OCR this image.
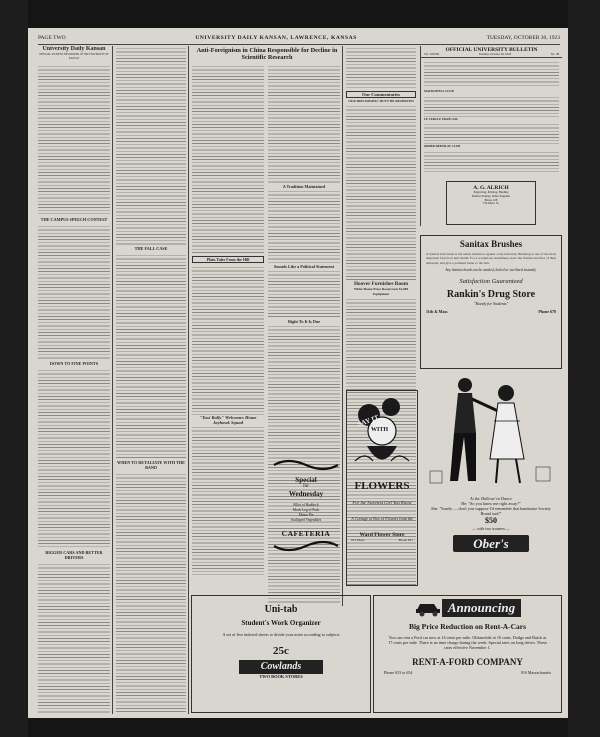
PAGE TWO	UNIVERSITY DAILY KANSAN, LAWRENCE, KANSAS	TUESDAY, OCTOBER 30, 1923
University Daily Kansan
OFFICIAL STUDENT NEWSPAPER OF THE UNIVERSITY OF KANSAS
THE CAMPUS SPEECH CONTEST
DOWN TO FINE POINTS
BIGGER CARS AND BETTER DRIVERS
THE FALL CASE
WHEN TO RETALIATE WITH THE BAND
Anti-Foreignism in China Responsible for Decline in Scientific Research
Plain Tales From the Hill
"Taxi Rally" Welcomes Home Jayhawk Squad
A Tradition Maintained
Sounds Like a Political Statement
Right To It Is Due
Our Commentaries
OUR DIPLOMATIC DUTY BE RESERVED
Hoover Furnishes Room
White House Press Room Gets $1,000 Equipment
OFFICIAL UNIVERSITY BULLETIN
Vol. XXVIII	Tuesday, October 30, 1923	No. 38
MACDOWELL CLUB
LE CERCLE FRANCAIS
ORDER DEMOLAY CLUB
A. G. ALRICH
Engraving, Printing, Binding
Rubber Stamps, Other Supplies
Phone 228
734 Mass. St.
Sanitax Brushes
A Sanitax hair brush is the safest insurance against scalp infection. Brushing is one of the most important factors in hair health. For a scrupulous cleanliness, have the bristles and face of their antiseptic and give a polished luster to the hair.
Any Sanitax brush can be washed, boiled or sterilized instantly.
Satisfaction Guaranteed
Rankin's Drug Store
"Handy for Students"
11th & Mass	Phone 678
At the Hallowe'en Dance
He: "So you know me right away?"
She: "Surely — don't you suppose I'd remember that handsome Society Brand suit?"
$50
— with two trousers —
Ober's
SAY IT
WITH
FLOWERS
For the Sweetest Girl You Know
A Corsage or Box of Flowers from the
Ward Flower Store
931 Mass.	Phone 621
Special
for
Wednesday
Fillet of Haddock
Mock Leg of Pork
Mince Pie
Scalloped Vegetables
CAFETERIA
Uni-tab
Student's Work Organizer
A set of five indexed sheets to divide your notes according to subjects
25c
Cowlands
TWO BOOK STORES
Announcing
Big Price Reduction on Rent-A-Cars
You can rent a Ford car now at 14 cents per mile. Oldsmobile at 16 cents. Dodge and Buick at 17 cents per mile. There is no time charge during the week. Special rates on long drives. These rates effective November 1.
RENT-A-FORD COMPANY
Phone 653 or 654	916 Massachusetts
